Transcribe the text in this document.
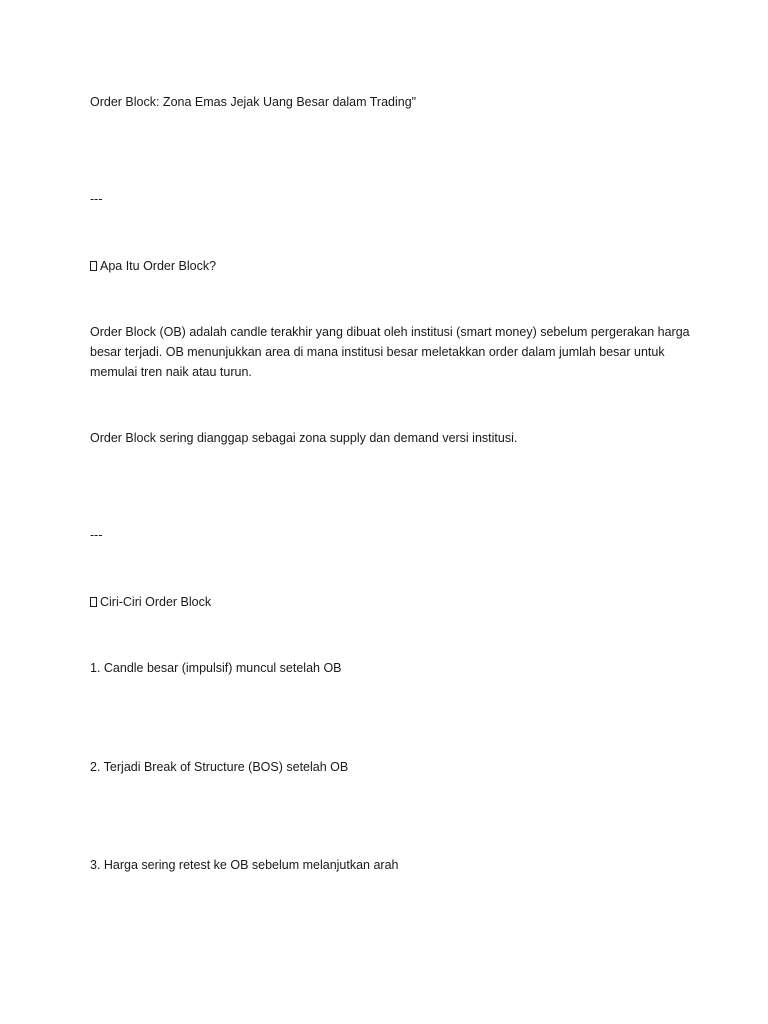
Order Block: Zona Emas Jejak Uang Besar dalam Trading"
---
Apa Itu Order Block?
Order Block (OB) adalah candle terakhir yang dibuat oleh institusi (smart money) sebelum pergerakan harga besar terjadi. OB menunjukkan area di mana institusi besar meletakkan order dalam jumlah besar untuk memulai tren naik atau turun.
Order Block sering dianggap sebagai zona supply dan demand versi institusi.
---
Ciri-Ciri Order Block
1. Candle besar (impulsif) muncul setelah OB
2. Terjadi Break of Structure (BOS) setelah OB
3. Harga sering retest ke OB sebelum melanjutkan arah
